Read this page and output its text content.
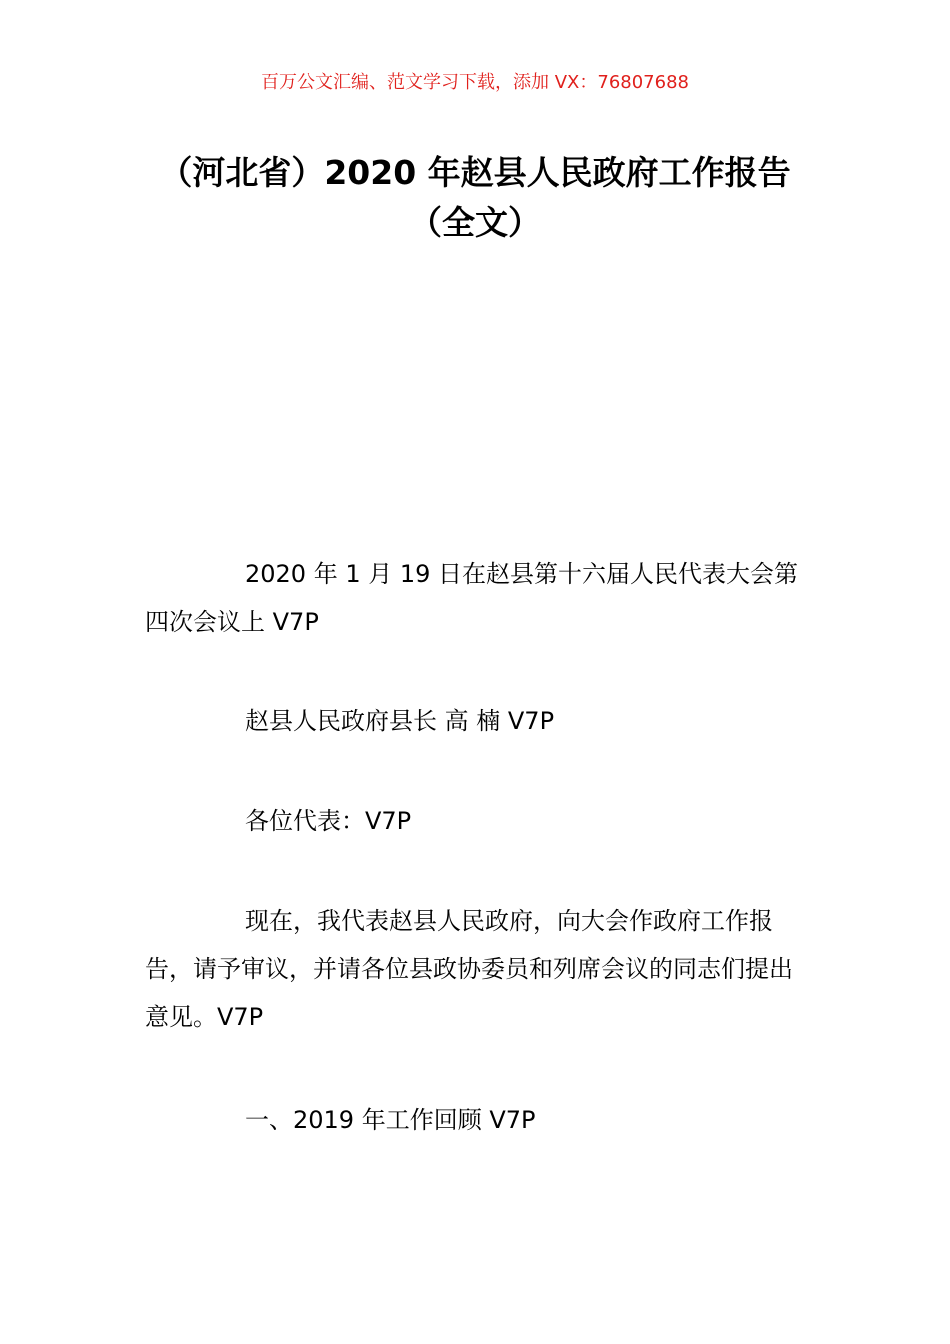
百万公文汇编、范文学习下载，添加 VX：76807688
（河北省）2020 年赵县人民政府工作报告
（全文）

2020 年 1 月 19 日在赵县第十六届人民代表大会第四次会议上 V7P

赵县人民政府县长 高 楠 V7P

各位代表：V7P

现在，我代表赵县人民政府，向大会作政府工作报告，请予审议，并请各位县政协委员和列席会议的同志们提出意见。V7P

一、2019 年工作回顾 V7P
